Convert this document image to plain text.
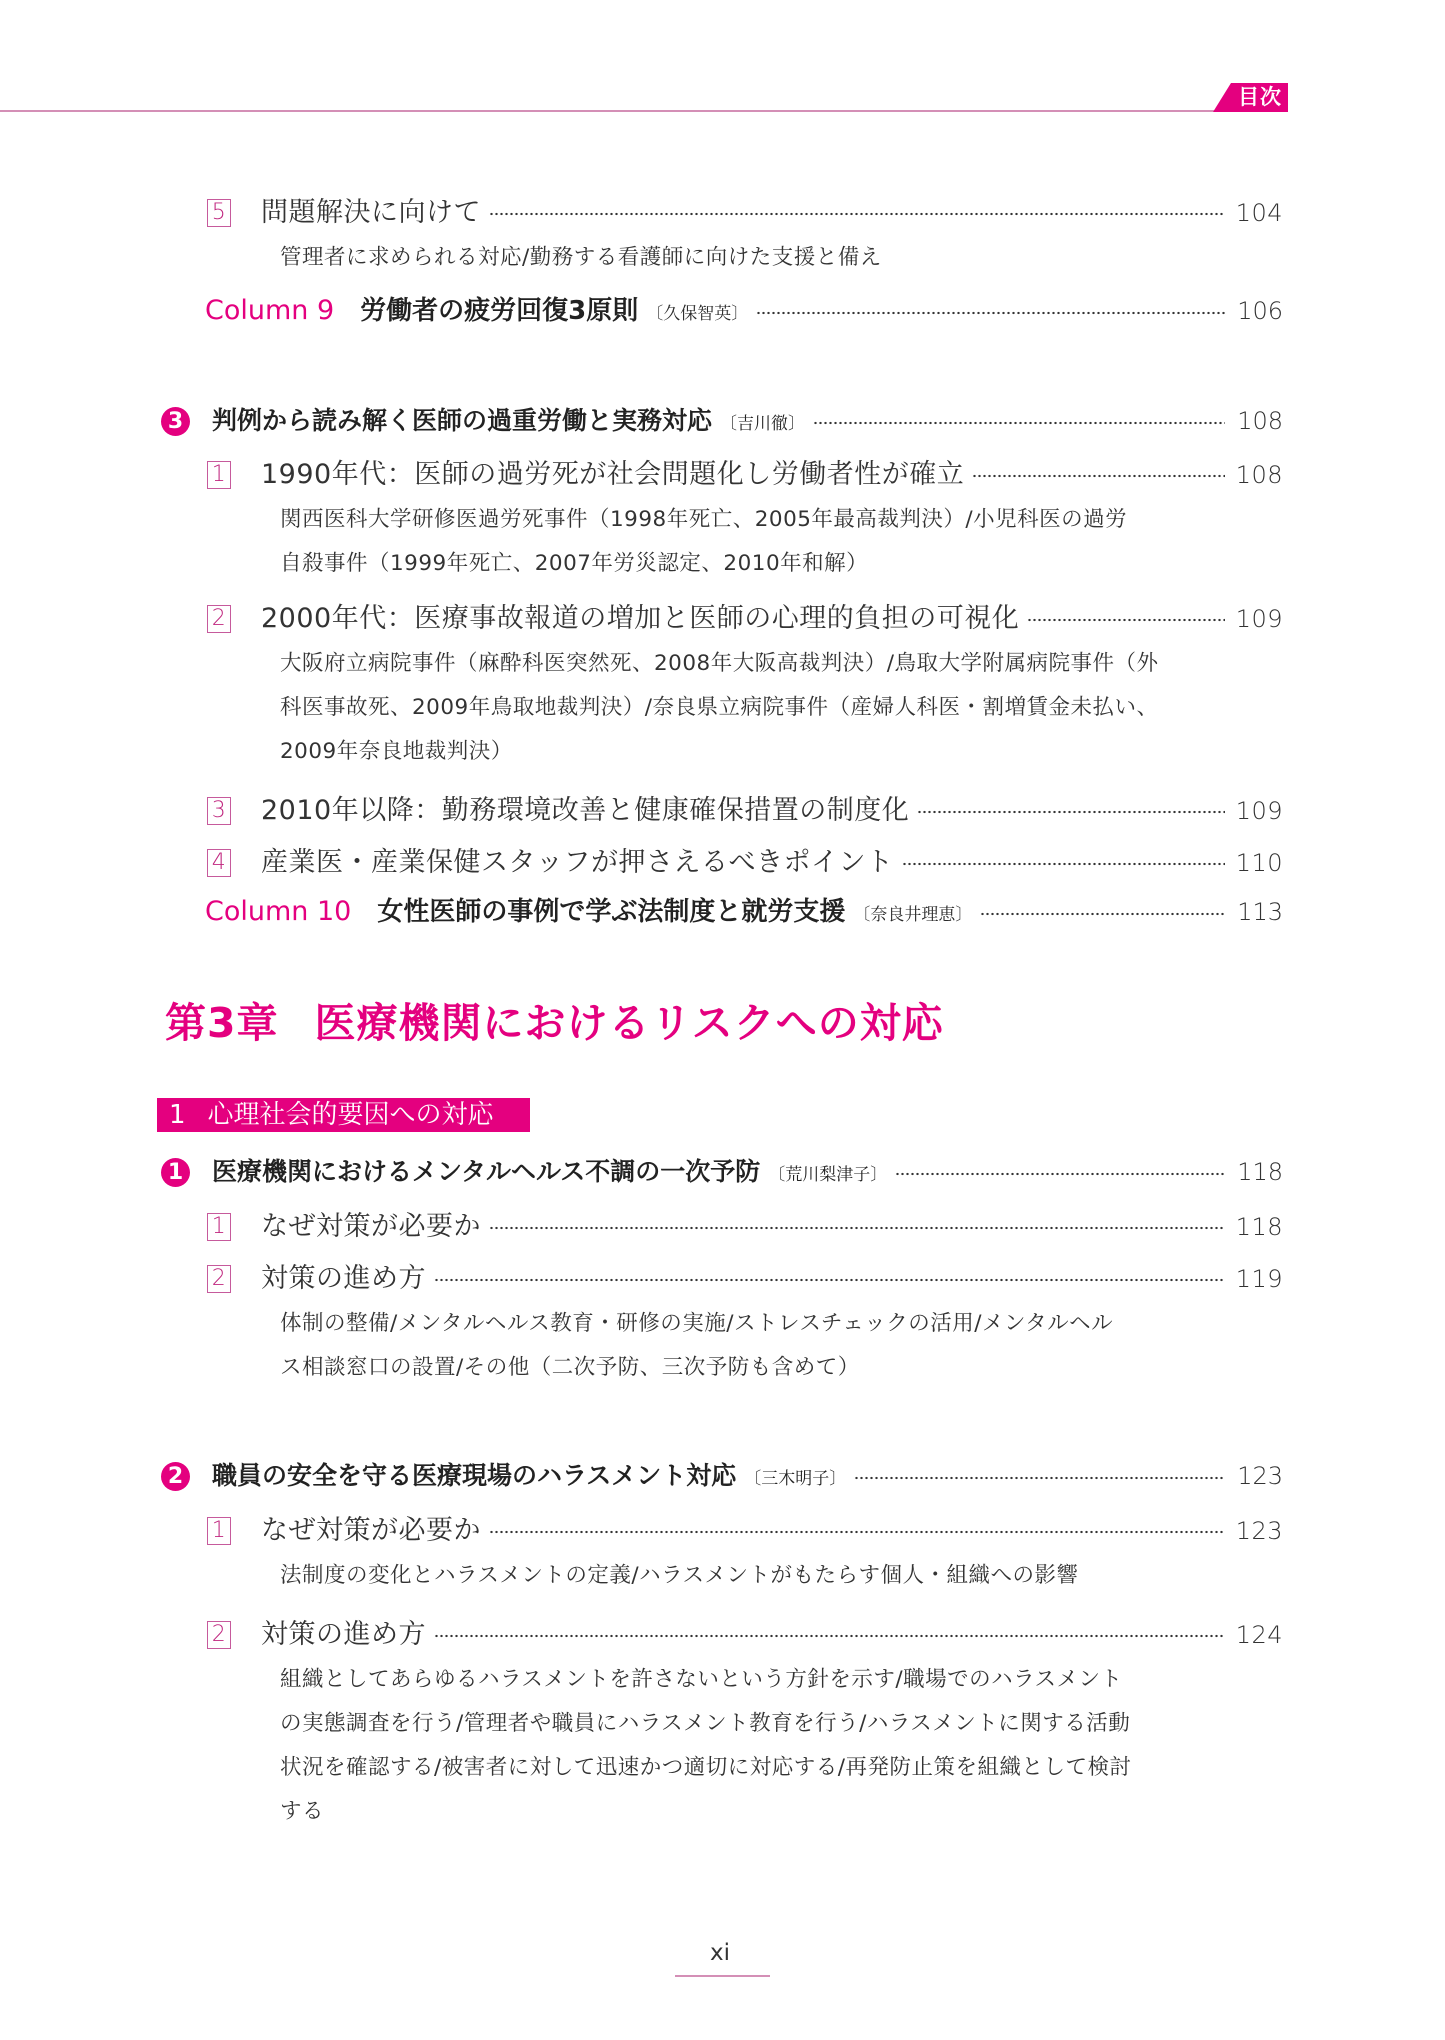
目次
5 問題解決に向けて	104
管理者に求められる対応/勤務する看護師に向けた支援と備え
Column 9 労働者の疲労回復3原則 〔久保智英〕	106
3 判例から読み解く医師の過重労働と実務対応 〔吉川徹〕	108
1 1990年代：医師の過労死が社会問題化し労働者性が確立	108
関西医科大学研修医過労死事件（1998年死亡、2005年最高裁判決）/小児科医の過労
自殺事件（1999年死亡、2007年労災認定、2010年和解）
2 2000年代：医療事故報道の増加と医師の心理的負担の可視化	109
大阪府立病院事件（麻酔科医突然死、2008年大阪高裁判決）/鳥取大学附属病院事件（外
科医事故死、2009年鳥取地裁判決）/奈良県立病院事件（産婦人科医・割増賃金未払い、
2009年奈良地裁判決）
3 2010年以降：勤務環境改善と健康確保措置の制度化	109
4 産業医・産業保健スタッフが押さえるべきポイント	110
Column 10 女性医師の事例で学ぶ法制度と就労支援 〔奈良井理恵〕	113
第3章 医療機関におけるリスクへの対応
1 心理社会的要因への対応
1 医療機関におけるメンタルヘルス不調の一次予防 〔荒川梨津子〕	118
1 なぜ対策が必要か	118
2 対策の進め方	119
体制の整備/メンタルヘルス教育・研修の実施/ストレスチェックの活用/メンタルヘル
ス相談窓口の設置/その他（二次予防、三次予防も含めて）
2 職員の安全を守る医療現場のハラスメント対応 〔三木明子〕	123
1 なぜ対策が必要か	123
法制度の変化とハラスメントの定義/ハラスメントがもたらす個人・組織への影響
2 対策の進め方	124
組織としてあらゆるハラスメントを許さないという方針を示す/職場でのハラスメント
の実態調査を行う/管理者や職員にハラスメント教育を行う/ハラスメントに関する活動
状況を確認する/被害者に対して迅速かつ適切に対応する/再発防止策を組織として検討
する
xi
